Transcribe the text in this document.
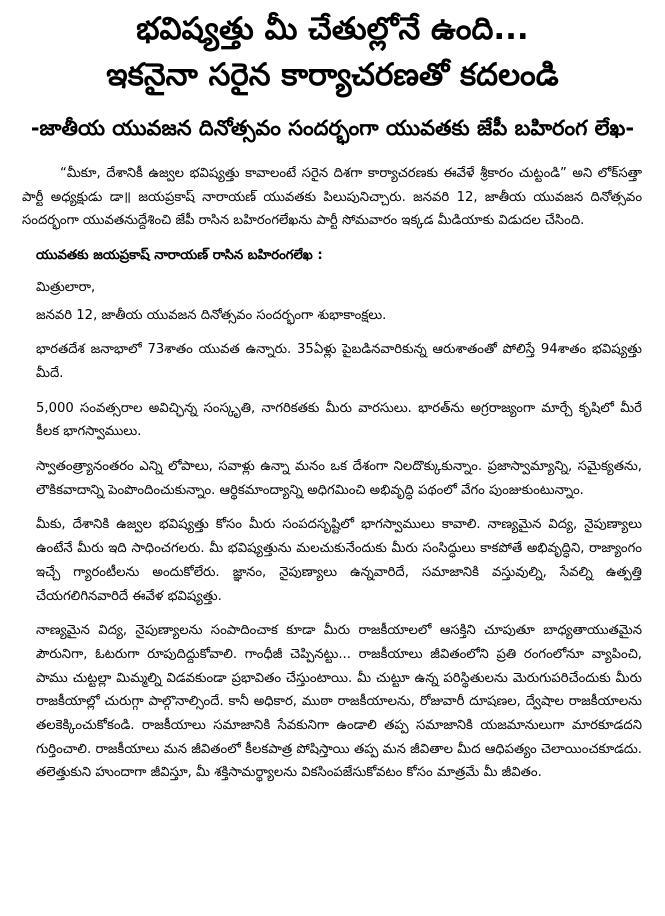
భవిష్యత్తు మీ చేతుల్లోనే ఉంది...
ఇకనైనా సరైన కార్యాచరణతో కదలండి
-జాతీయ యువజన దినోత్సవం సందర్భంగా యువతకు జేపీ బహిరంగ లేఖ-

“మీకూ, దేశానికీ ఉజ్వల భవిష్యత్తు కావాలంటే సరైన దిశగా కార్యాచరణకు ఈవేళే శ్రీకారం చుట్టండి” అని లోక్‌సత్తా పార్టీ అధ్యక్షుడు డా॥ జయప్రకాష్ నారాయణ్ యువతకు పిలుపునిచ్చారు. జనవరి 12, జాతీయ యువజన దినోత్సవం సందర్భంగా యువతనుద్దేశించి జేపీ రాసిన బహిరంగలేఖను పార్టీ సోమవారం ఇక్కడ మీడియాకు విడుదల చేసింది.

యువతకు జయప్రకాష్ నారాయణ్ రాసిన బహిరంగలేఖ :

మిత్రులారా,

జనవరి 12, జాతీయ యువజన దినోత్సవం సందర్భంగా శుభాకాంక్షలు.

భారతదేశ జనాభాలో 73శాతం యువత ఉన్నారు. 35ఏళ్లు పైబడినవారికున్న ఆరుశాతంతో పోలిస్తే 94శాతం భవిష్యత్తు మీదే.

5,000 సంవత్సరాల అవిచ్ఛిన్న సంస్కృతి, నాగరికతకు మీరు వారసులు. భారత్‌ను అగ్రరాజ్యంగా మార్చే కృషిలో మీరే కీలక భాగస్వాములు.

స్వాతంత్ర్యానంతరం ఎన్ని లోపాలు, సవాళ్లు ఉన్నా మనం ఒక దేశంగా నిలదొక్కుకున్నాం. ప్రజాస్వామ్యాన్ని, సమైక్యతను, లౌకికవాదాన్ని పెంపొందించుకున్నాం. ఆర్థికమాంద్యాన్ని అధిగమించి అభివృద్ధి పథంలో వేగం పుంజుకుంటున్నాం.

మీకు, దేశానికి ఉజ్వల భవిష్యత్తు కోసం మీరు సంపదసృష్టిలో భాగస్వాములు కావాలి. నాణ్యమైన విద్య, నైపుణ్యాలు ఉంటేనే మీరు ఇది సాధించగలరు. మీ భవిష్యత్తును మలచుకునేందుకు మీరు సంసిద్ధులు కాకపోతే అభివృద్ధిని, రాజ్యాంగం ఇచ్చే గ్యారంటీలను అందుకోలేరు. జ్ఞానం, నైపుణ్యాలు ఉన్నవారిదే, సమాజానికి వస్తువుల్ని, సేవల్ని ఉత్పత్తి చేయగలిగినవారిదే ఈవేళ భవిష్యత్తు.

నాణ్యమైన విద్య, నైపుణ్యాలను సంపాదించాక కూడా మీరు రాజకీయాలలో ఆసక్తిని చూపుతూ బాధ్యతాయుతమైన పౌరునిగా, ఓటరుగా రూపుదిద్దుకోవాలి. గాంధీజీ చెప్పినట్టు... రాజకీయాలు జీవితంలోని ప్రతి రంగంలోనూ వ్యాపించి, పాము చుట్టల్లా మిమ్మల్ని విడవకుండా ప్రభావితం చేస్తుంటాయి. మీ చుట్టూ ఉన్న పరిస్థితులను మెరుగుపరిచేందుకు మీరు రాజకీయాల్లో చురుగ్గా పాల్గొనాల్సిందే. కానీ అధికార, ముఠా రాజకీయాలను, రోజువారీ దూషణల, ద్వేషాల రాజకీయాలను తలకెక్కించుకోకండి. రాజకీయాలు సమాజానికి సేవకునిగా ఉండాలి తప్ప సమాజానికి యజమానులుగా మారకూడదని గుర్తించాలి. రాజకీయాలు మన జీవితంలో కీలకపాత్ర పోషిస్తాయి తప్ప మన జీవితాల మీద ఆధిపత్యం చెలాయించకూడదు. తలెత్తుకుని హుందాగా జీవిస్తూ, మీ శక్తిసామర్థ్యాలను వికసింపజేసుకోవటం కోసం మాత్రమే మీ జీవితం.
